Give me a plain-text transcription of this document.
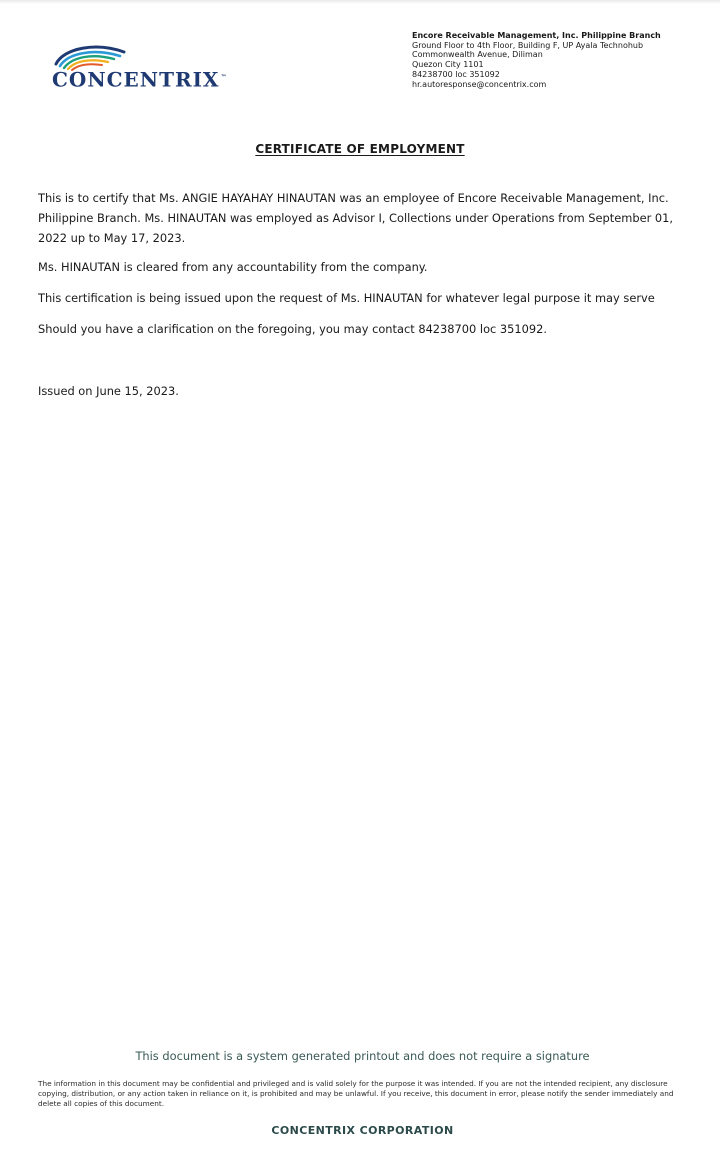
CONCENTRIX™
Encore Receivable Management, Inc. Philippine Branch
Ground Floor to 4th Floor, Building F, UP Ayala Technohub
Commonwealth Avenue, Diliman
Quezon City 1101
84238700 loc 351092
hr.autoresponse@concentrix.com
CERTIFICATE OF EMPLOYMENT

This is to certify that Ms. ANGIE HAYAHAY HINAUTAN was an employee of Encore Receivable Management, Inc. Philippine Branch. Ms. HINAUTAN was employed as Advisor I, Collections under Operations from September 01, 2022 up to May 17, 2023.

Ms. HINAUTAN is cleared from any accountability from the company.

This certification is being issued upon the request of Ms. HINAUTAN for whatever legal purpose it may serve

Should you have a clarification on the foregoing, you may contact 84238700 loc 351092.

Issued on June 15, 2023.

This document is a system generated printout and does not require a signature

The information in this document may be confidential and privileged and is valid solely for the purpose it was intended. If you are not the intended recipient, any disclosure copying, distribution, or any action taken in reliance on it, is prohibited and may be unlawful. If you receive, this document in error, please notify the sender immediately and delete all copies of this document.

CONCENTRIX CORPORATION
